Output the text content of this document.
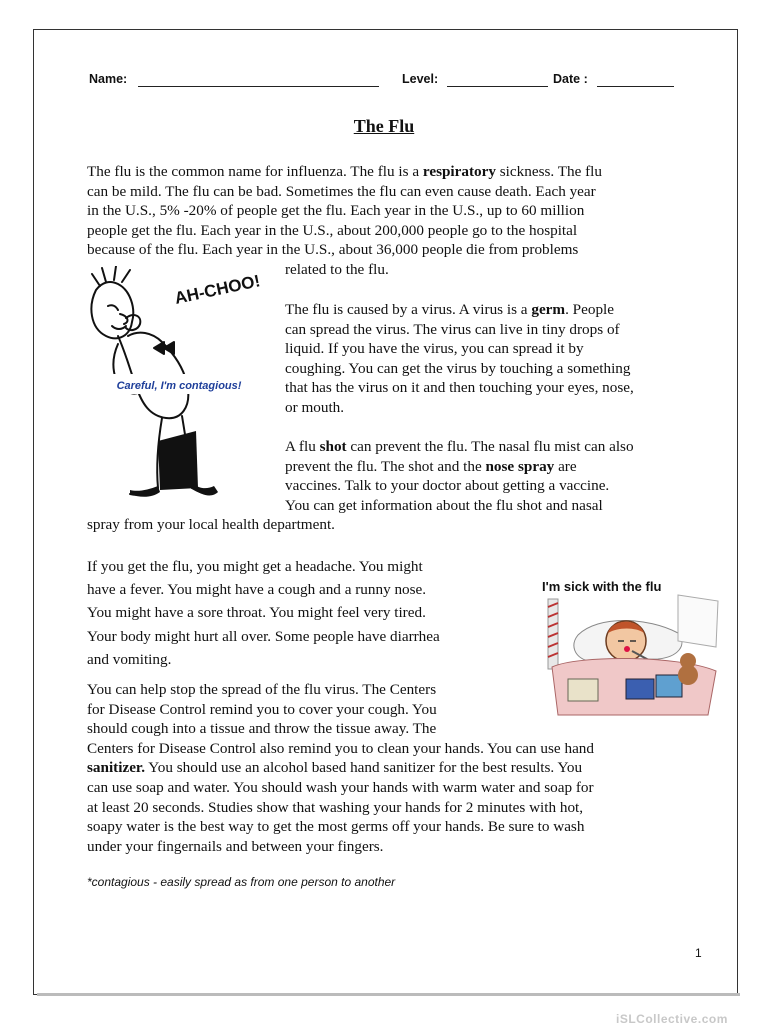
Name:	Level:	Date :
The Flu
The flu is the common name for influenza. The flu is a respiratory sickness. The flu
can be mild. The flu can be bad. Sometimes the flu can even cause death. Each year
in the U.S., 5% -20% of people get the flu. Each year in the U.S., up to 60 million
people get the flu. Each year in the U.S., about 200,000 people go to the hospital
because of the flu. Each year in the U.S., about 36,000 people die from problems
related to the flu.
The flu is caused by a virus. A virus is a germ. People
can spread the virus. The virus can live in tiny drops of
liquid. If you have the virus, you can spread it by
coughing. You can get the virus by touching a something
that has the virus on it and then touching your eyes, nose,
or mouth.
A flu shot can prevent the flu. The nasal flu mist can also
prevent the flu. The shot and the nose spray are
vaccines. Talk to your doctor about getting a vaccine.
You can get information about the flu shot and nasal
spray from your local health department.
If you get the flu, you might get a headache. You might
have a fever. You might have a cough and a runny nose.
You might have a sore throat. You might feel very tired.
Your body might hurt all over. Some people have diarrhea
and vomiting.
You can help stop the spread of the flu virus. The Centers
for Disease Control remind you to cover your cough. You
should cough into a tissue and throw the tissue away. The
Centers for Disease Control also remind you to clean your hands. You can use hand
sanitizer. You should use an alcohol based hand sanitizer for the best results. You
can use soap and water. You should wash your hands with warm water and soap for
at least 20 seconds. Studies show that washing your hands for 2 minutes with hot,
soapy water is the best way to get the most germs off your hands. Be sure to wash
under your fingernails and between your fingers.
AH-CHOO!
Careful, I'm contagious!
I'm sick with the flu
*contagious - easily spread as from one person to another
1
iSLCollective.com
